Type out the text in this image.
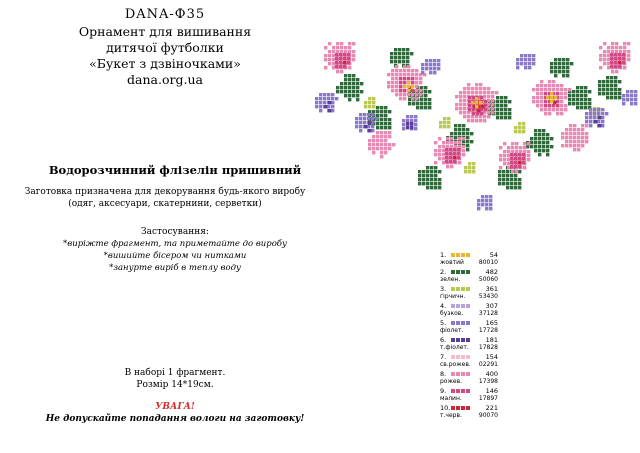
DANA-Ф35
Орнамент для вишивання
дитячої футболки
«Букет з дзвіночками»
dana.org.ua
Водорозчинний флізелін пришивний
Заготовка призначена для декорування будь-якого виробу
(одяг, аксесуари, скатернини, серветки)
Застосування:
*виріжте фрагмент, та приметайте до виробу
*вишийте бісером чи нитками
*занурте виріб в теплу воду
В наборі 1 фрагмент.
Розмір 14*19см.
УВАГА!
Не допускайте попадання вологи на заготовку!
1.	54
жовтий	80010
2.	482
зелен.	50060
3.	361
гірчичн. 53430
4.	307
бузков.	37128
5.	165
фіолет.	17728
6.	181
т.фіолет. 17828
7.	154
св.рожев. 02291
8.	400
рожев.	17398
9.	146
малин.	17897
10.	221
т.черв.	90070
